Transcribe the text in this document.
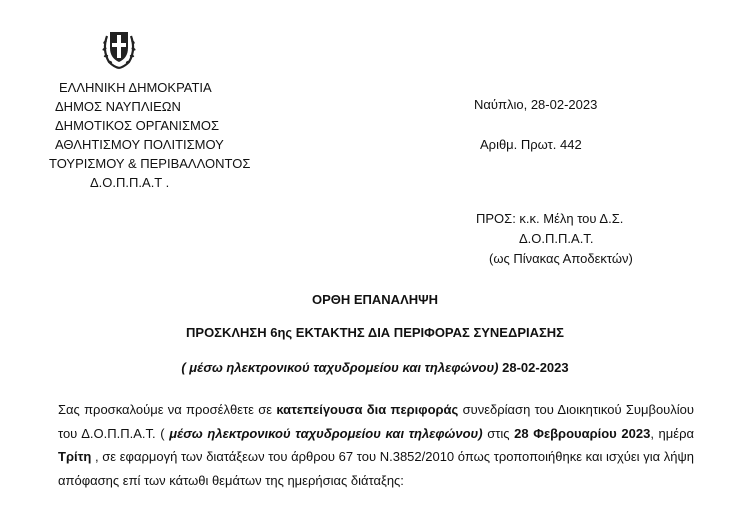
ΕΛΛΗΝΙΚΗ ΔΗΜΟΚΡΑΤΙΑ
ΔΗΜΟΣ ΝΑΥΠΛΙΕΩΝ
ΔΗΜΟΤΙΚΟΣ ΟΡΓΑΝΙΣΜΟΣ
ΑΘΛΗΤΙΣΜΟΥ ΠΟΛΙΤΙΣΜΟΥ
ΤΟΥΡΙΣΜΟΥ & ΠΕΡΙΒΑΛΛΟΝΤΟΣ
Δ.Ο.Π.Π.Α.Τ .
Ναύπλιο, 28-02-2023
Αριθμ. Πρωτ. 442
ΠΡΟΣ: κ.κ. Μέλη του Δ.Σ.
Δ.Ο.Π.Π.Α.Τ.
(ως Πίνακας Αποδεκτών)
ΟΡΘΗ ΕΠΑΝΑΛΗΨΗ
ΠΡΟΣΚΛΗΣΗ 6ης ΕΚΤΑΚΤΗΣ ΔΙΑ ΠΕΡΙΦΟΡΑΣ ΣΥΝΕΔΡΙΑΣΗΣ
( μέσω ηλεκτρονικού ταχυδρομείου και τηλεφώνου) 28-02-2023
Σας προσκαλούμε να προσέλθετε σε κατεπείγουσα δια περιφοράς συνεδρίαση του Διοικητικού Συμβουλίου του Δ.Ο.Π.Π.Α.Τ. ( μέσω ηλεκτρονικού ταχυδρομείου και τηλεφώνου) στις 28 Φεβρουαρίου 2023, ημέρα Τρίτη , σε εφαρμογή των διατάξεων του άρθρου 67 του Ν.3852/2010 όπως τροποποιήθηκε και ισχύει για λήψη απόφασης επί των κάτωθι θεμάτων της ημερήσιας διάταξης:
